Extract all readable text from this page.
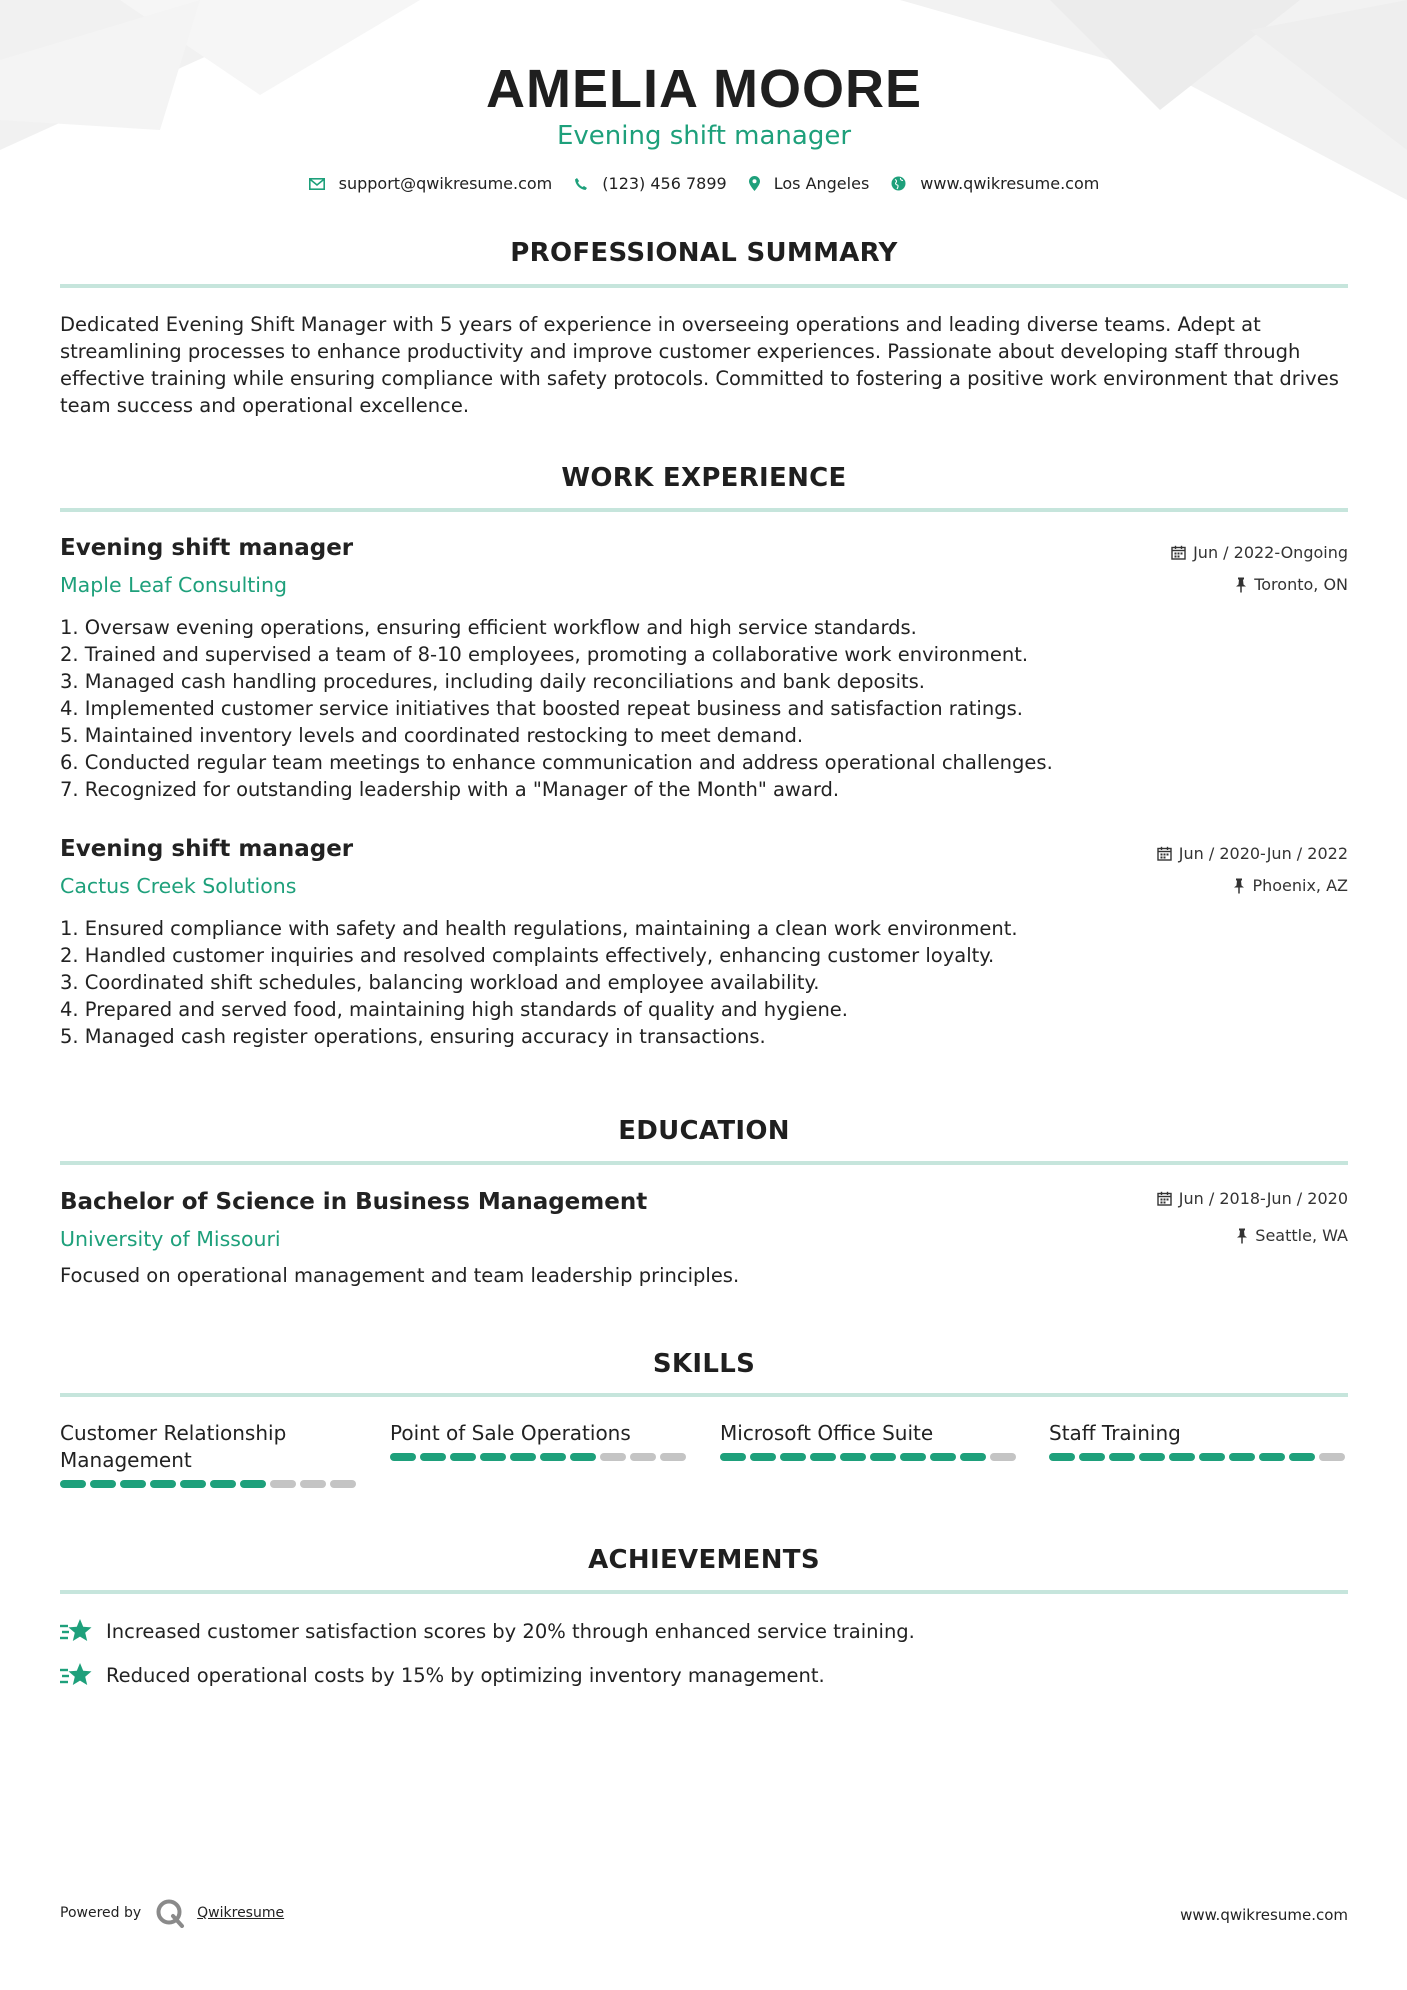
AMELIA MOORE
Evening shift manager
support@qwikresume.com	(123) 456 7899	Los Angeles	www.qwikresume.com
PROFESSIONAL SUMMARY
Dedicated Evening Shift Manager with 5 years of experience in overseeing operations and leading diverse teams. Adept at streamlining processes to enhance productivity and improve customer experiences. Passionate about developing staff through effective training while ensuring compliance with safety protocols. Committed to fostering a positive work environment that drives team success and operational excellence.
WORK EXPERIENCE
Evening shift manager	Jun / 2022-Ongoing
Maple Leaf Consulting	Toronto, ON
1. Oversaw evening operations, ensuring efficient workflow and high service standards.
2. Trained and supervised a team of 8-10 employees, promoting a collaborative work environment.
3. Managed cash handling procedures, including daily reconciliations and bank deposits.
4. Implemented customer service initiatives that boosted repeat business and satisfaction ratings.
5. Maintained inventory levels and coordinated restocking to meet demand.
6. Conducted regular team meetings to enhance communication and address operational challenges.
7. Recognized for outstanding leadership with a "Manager of the Month" award.
Evening shift manager	Jun / 2020-Jun / 2022
Cactus Creek Solutions	Phoenix, AZ
1. Ensured compliance with safety and health regulations, maintaining a clean work environment.
2. Handled customer inquiries and resolved complaints effectively, enhancing customer loyalty.
3. Coordinated shift schedules, balancing workload and employee availability.
4. Prepared and served food, maintaining high standards of quality and hygiene.
5. Managed cash register operations, ensuring accuracy in transactions.
EDUCATION
Bachelor of Science in Business Management	Jun / 2018-Jun / 2020
University of Missouri	Seattle, WA
Focused on operational management and team leadership principles.
SKILLS
Customer Relationship Management
Point of Sale Operations	Microsoft Office Suite	Staff Training
ACHIEVEMENTS
Increased customer satisfaction scores by 20% through enhanced service training.
Reduced operational costs by 15% by optimizing inventory management.
Powered by	Qwikresume	www.qwikresume.com
